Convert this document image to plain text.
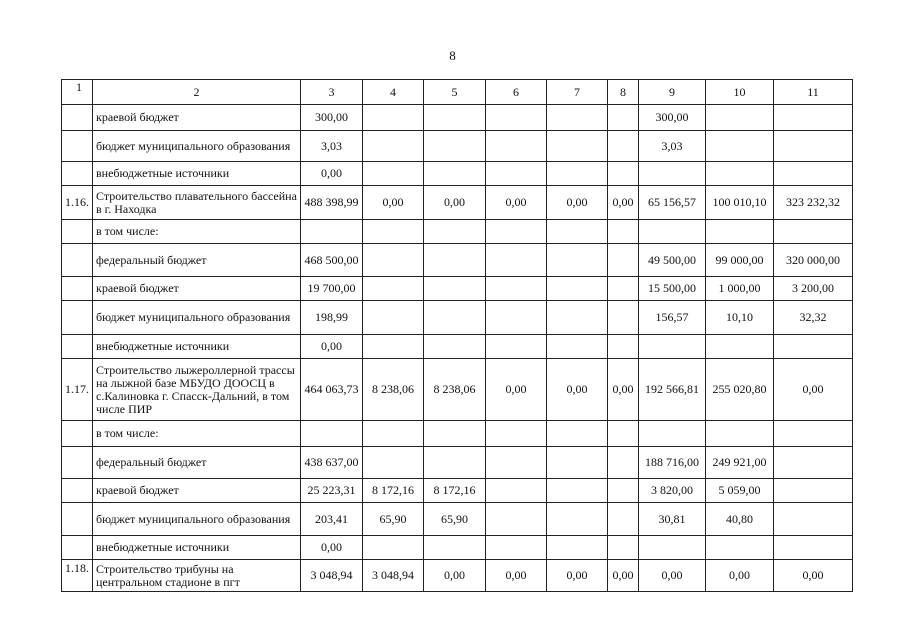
8
1	2	3	4	5	6	7	8	9	10	11
	краевой бюджет	300,00						300,00		
	бюджет муниципального образования	3,03						3,03		
	внебюджетные источники	0,00								
1.16.	Строительство плавательного бассейна в г. Находка	488 398,99	0,00	0,00	0,00	0,00	0,00	65 156,57	100 010,10	323 232,32
	в том числе:									
	федеральный бюджет	468 500,00						49 500,00	99 000,00	320 000,00
	краевой бюджет	19 700,00						15 500,00	1 000,00	3 200,00
	бюджет муниципального образования	198,99						156,57	10,10	32,32
	внебюджетные источники	0,00								
1.17.	Строительство лыжероллерной трассы на лыжной базе МБУДО ДООСЦ в с.Калиновка г. Спасск-Дальний, в том числе ПИР	464 063,73	8 238,06	8 238,06	0,00	0,00	0,00	192 566,81	255 020,80	0,00
	в том числе:									
	федеральный бюджет	438 637,00						188 716,00	249 921,00	
	краевой бюджет	25 223,31	8 172,16	8 172,16				3 820,00	5 059,00	
	бюджет муниципального образования	203,41	65,90	65,90				30,81	40,80	
	внебюджетные источники	0,00								
1.18.	Строительство трибуны на центральном стадионе в пгт	3 048,94	3 048,94	0,00	0,00	0,00	0,00	0,00	0,00	0,00
